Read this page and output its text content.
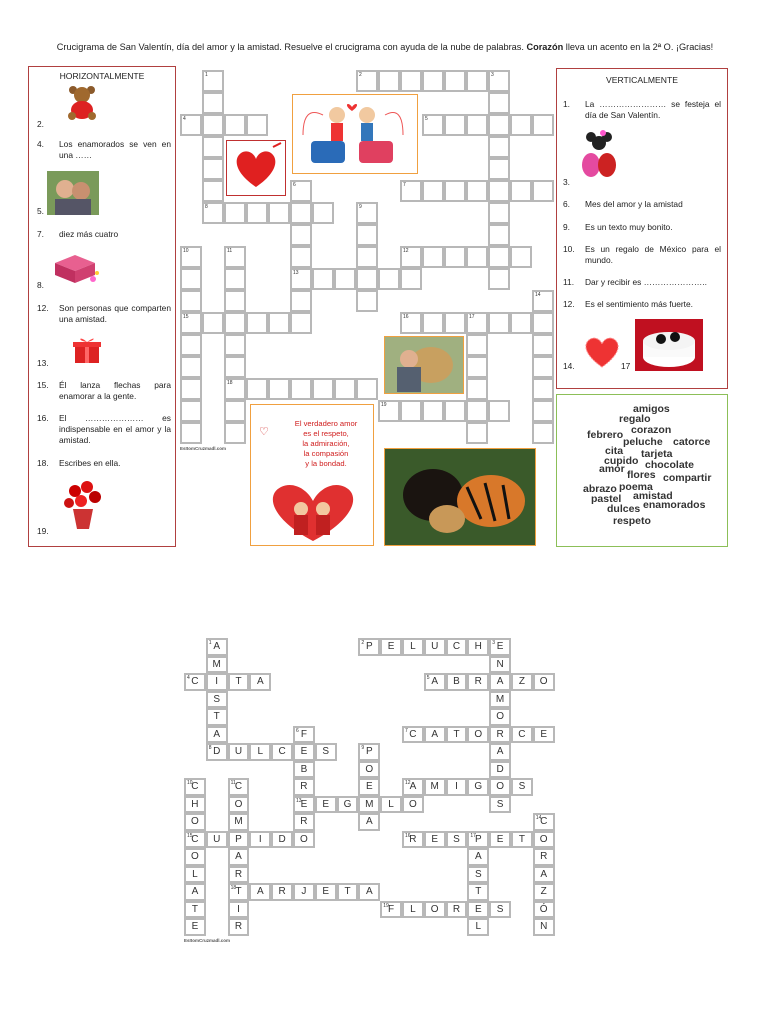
Crucigrama de San Valentín, día del amor y la amistad. Resuelve el crucigrama con ayuda de la nube de palabras. Corazón lleva un acento en la 2ª O. ¡Gracias!
HORIZONTALMENTE
2.
4. Los enamorados se ven en una ……
5.
7. diez más cuatro
8.
12. Son personas que comparten una amistad.
13.
15. Él lanza flechas para enamorar a la gente.
16. El ………………… es indispensable en el amor y la amistad.
18. Escribes en ella.
19.
VERTICALMENTE
1. La …………………… se festeja el día de San Valentín.
3.
6. Mes del amor y la amistad
9. Es un texto muy bonito.
10. Es un regalo de México para el mundo.
11. Dar y recibir es …………………..
12. Es el sentimiento más fuerte.
14.	17
amigos
regalo
febrero corazon
peluche catorce
cita tarjeta
cupido chocolate
amor flores compartir
abrazo poema
pastel amistad
dulces enamorados
respeto
1
8
2	3
4	5
6
13
7
9
10
15
11
18
12
14
16	17
19
1 A
M
I
S
T
A
8 D
2 P	E	L	U	C	H	3 E
N
A
M
O
R
A
D
O
S
4 C	T	A	5 A	B	R	Z	O
6 F
E
B
R
13 E
R
O
7 C	A	T	O	C	E
U	L	C	S	9 P
O
E
M
A
10
C
H
O
15
C
O
L
A
T
E
11 C
O
M
P
A
R
18 T
I
R
12 A	M	I	G	S
E	G	L	O
14
C
O
R
A
Z
Ó
N
U	I	D	16
R	E	S	17 P	E	T
A
S
T
E
L
A	R	J	E	T	A
19 F	L	O	R	S
EsItomCruzmadl.com
EsItomCruzmadl.com
El verdadero amor
es el respeto,
la admiración,
la compasión
y la bondad.
♡
